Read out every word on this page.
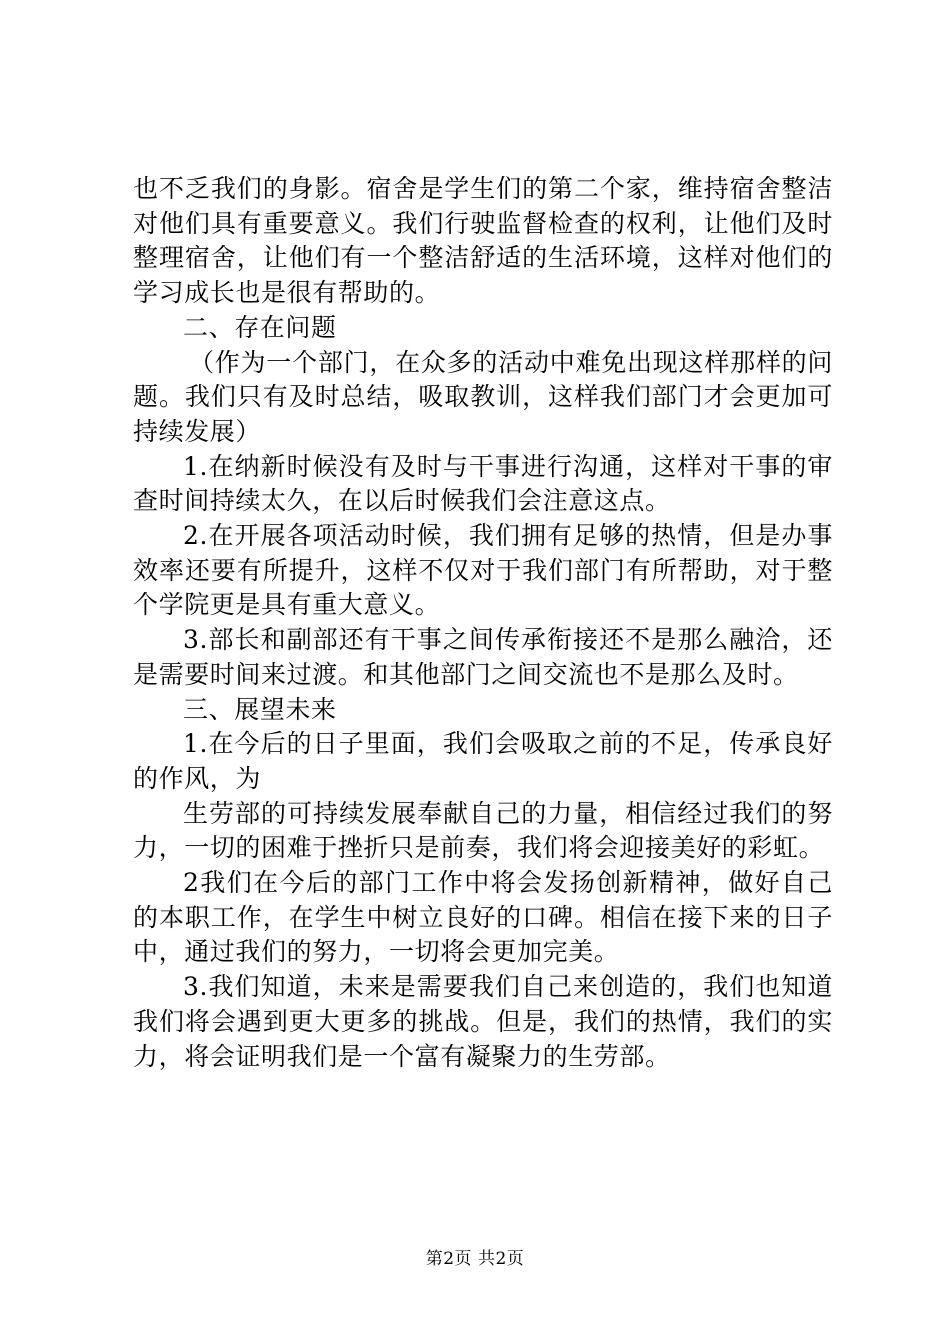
也不乏我们的身影。宿舍是学生们的第二个家，维持宿舍整洁对他们具有重要意义。我们行驶监督检查的权利，让他们及时整理宿舍，让他们有一个整洁舒适的生活环境，这样对他们的学习成长也是很有帮助的。

二、存在问题

（作为一个部门，在众多的活动中难免出现这样那样的问题。我们只有及时总结，吸取教训，这样我们部门才会更加可持续发展）

1.在纳新时候没有及时与干事进行沟通，这样对干事的审查时间持续太久，在以后时候我们会注意这点。

2.在开展各项活动时候，我们拥有足够的热情，但是办事效率还要有所提升，这样不仅对于我们部门有所帮助，对于整个学院更是具有重大意义。

3.部长和副部还有干事之间传承衔接还不是那么融洽，还是需要时间来过渡。和其他部门之间交流也不是那么及时。

三、展望未来

1.在今后的日子里面，我们会吸取之前的不足，传承良好的作风，为

生劳部的可持续发展奉献自己的力量，相信经过我们的努力，一切的困难于挫折只是前奏，我们将会迎接美好的彩虹。

2我们在今后的部门工作中将会发扬创新精神，做好自己的本职工作，在学生中树立良好的口碑。相信在接下来的日子中，通过我们的努力，一切将会更加完美。

3.我们知道，未来是需要我们自己来创造的，我们也知道我们将会遇到更大更多的挑战。但是，我们的热情，我们的实力，将会证明我们是一个富有凝聚力的生劳部。

第2页 共2页
